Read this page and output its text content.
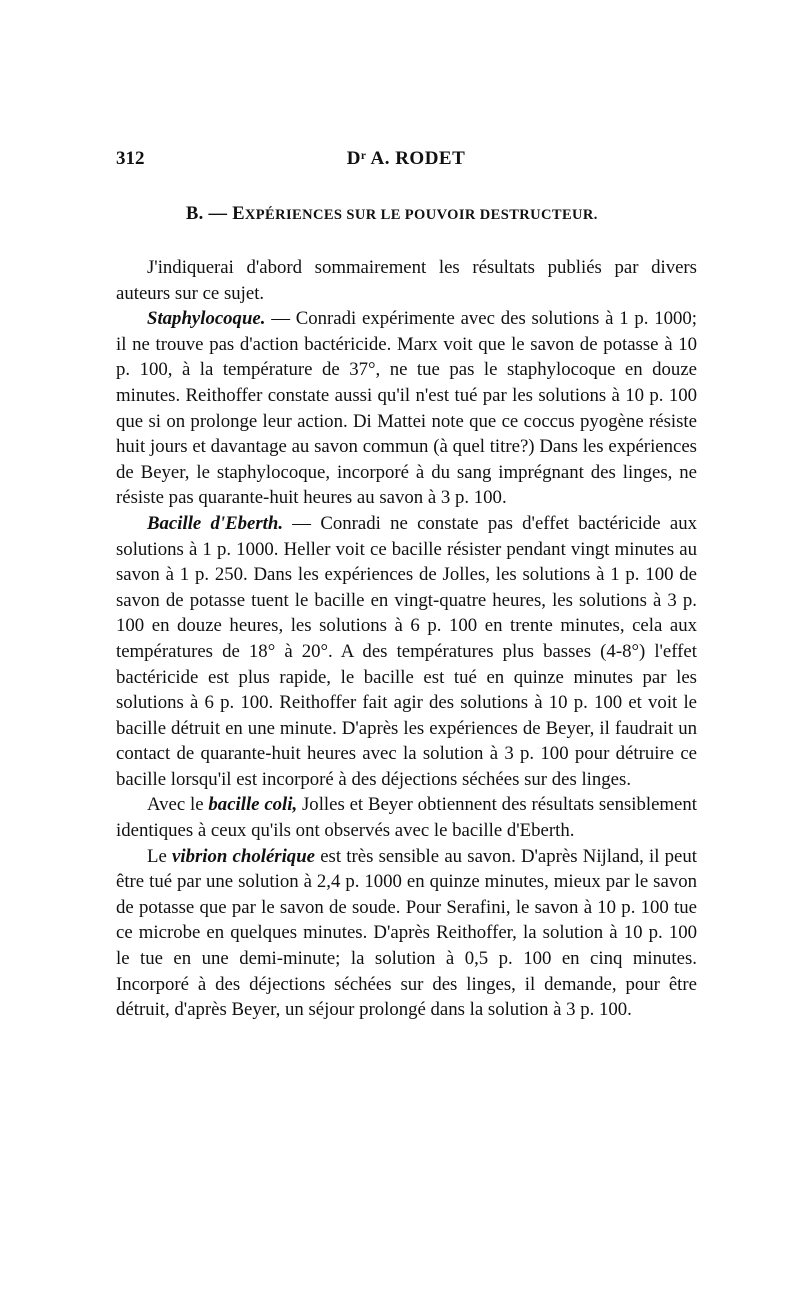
312	Dʳ A. RODET
B. — EXPÉRIENCES SUR LE POUVOIR DESTRUCTEUR.

J'indiquerai d'abord sommairement les résultats publiés par divers auteurs sur ce sujet.

Staphylocoque. — Conradi expérimente avec des solutions à 1 p. 1000; il ne trouve pas d'action bactéricide. Marx voit que le savon de potasse à 10 p. 100, à la température de 37°, ne tue pas le staphylocoque en douze minutes. Reithoffer constate aussi qu'il n'est tué par les solutions à 10 p. 100 que si on prolonge leur action. Di Mattei note que ce coccus pyogène résiste huit jours et davantage au savon commun (à quel titre?) Dans les expériences de Beyer, le staphylocoque, incorporé à du sang imprégnant des linges, ne résiste pas quarante-huit heures au savon à 3 p. 100.

Bacille d'Eberth. — Conradi ne constate pas d'effet bactéricide aux solutions à 1 p. 1000. Heller voit ce bacille résister pendant vingt minutes au savon à 1 p. 250. Dans les expériences de Jolles, les solutions à 1 p. 100 de savon de potasse tuent le bacille en vingt-quatre heures, les solutions à 3 p. 100 en douze heures, les solutions à 6 p. 100 en trente minutes, cela aux températures de 18° à 20°. A des températures plus basses (4-8°) l'effet bactéricide est plus rapide, le bacille est tué en quinze minutes par les solutions à 6 p. 100. Reithoffer fait agir des solutions à 10 p. 100 et voit le bacille détruit en une minute. D'après les expériences de Beyer, il faudrait un contact de quarante-huit heures avec la solution à 3 p. 100 pour détruire ce bacille lorsqu'il est incorporé à des déjections séchées sur des linges.

Avec le bacille coli, Jolles et Beyer obtiennent des résultats sensiblement identiques à ceux qu'ils ont observés avec le bacille d'Eberth.

Le vibrion cholérique est très sensible au savon. D'après Nijland, il peut être tué par une solution à 2,4 p. 1000 en quinze minutes, mieux par le savon de potasse que par le savon de soude. Pour Serafini, le savon à 10 p. 100 tue ce microbe en quelques minutes. D'après Reithoffer, la solution à 10 p. 100 le tue en une demi-minute; la solution à 0,5 p. 100 en cinq minutes. Incorporé à des déjections séchées sur des linges, il demande, pour être détruit, d'après Beyer, un séjour prolongé dans la solution à 3 p. 100.
